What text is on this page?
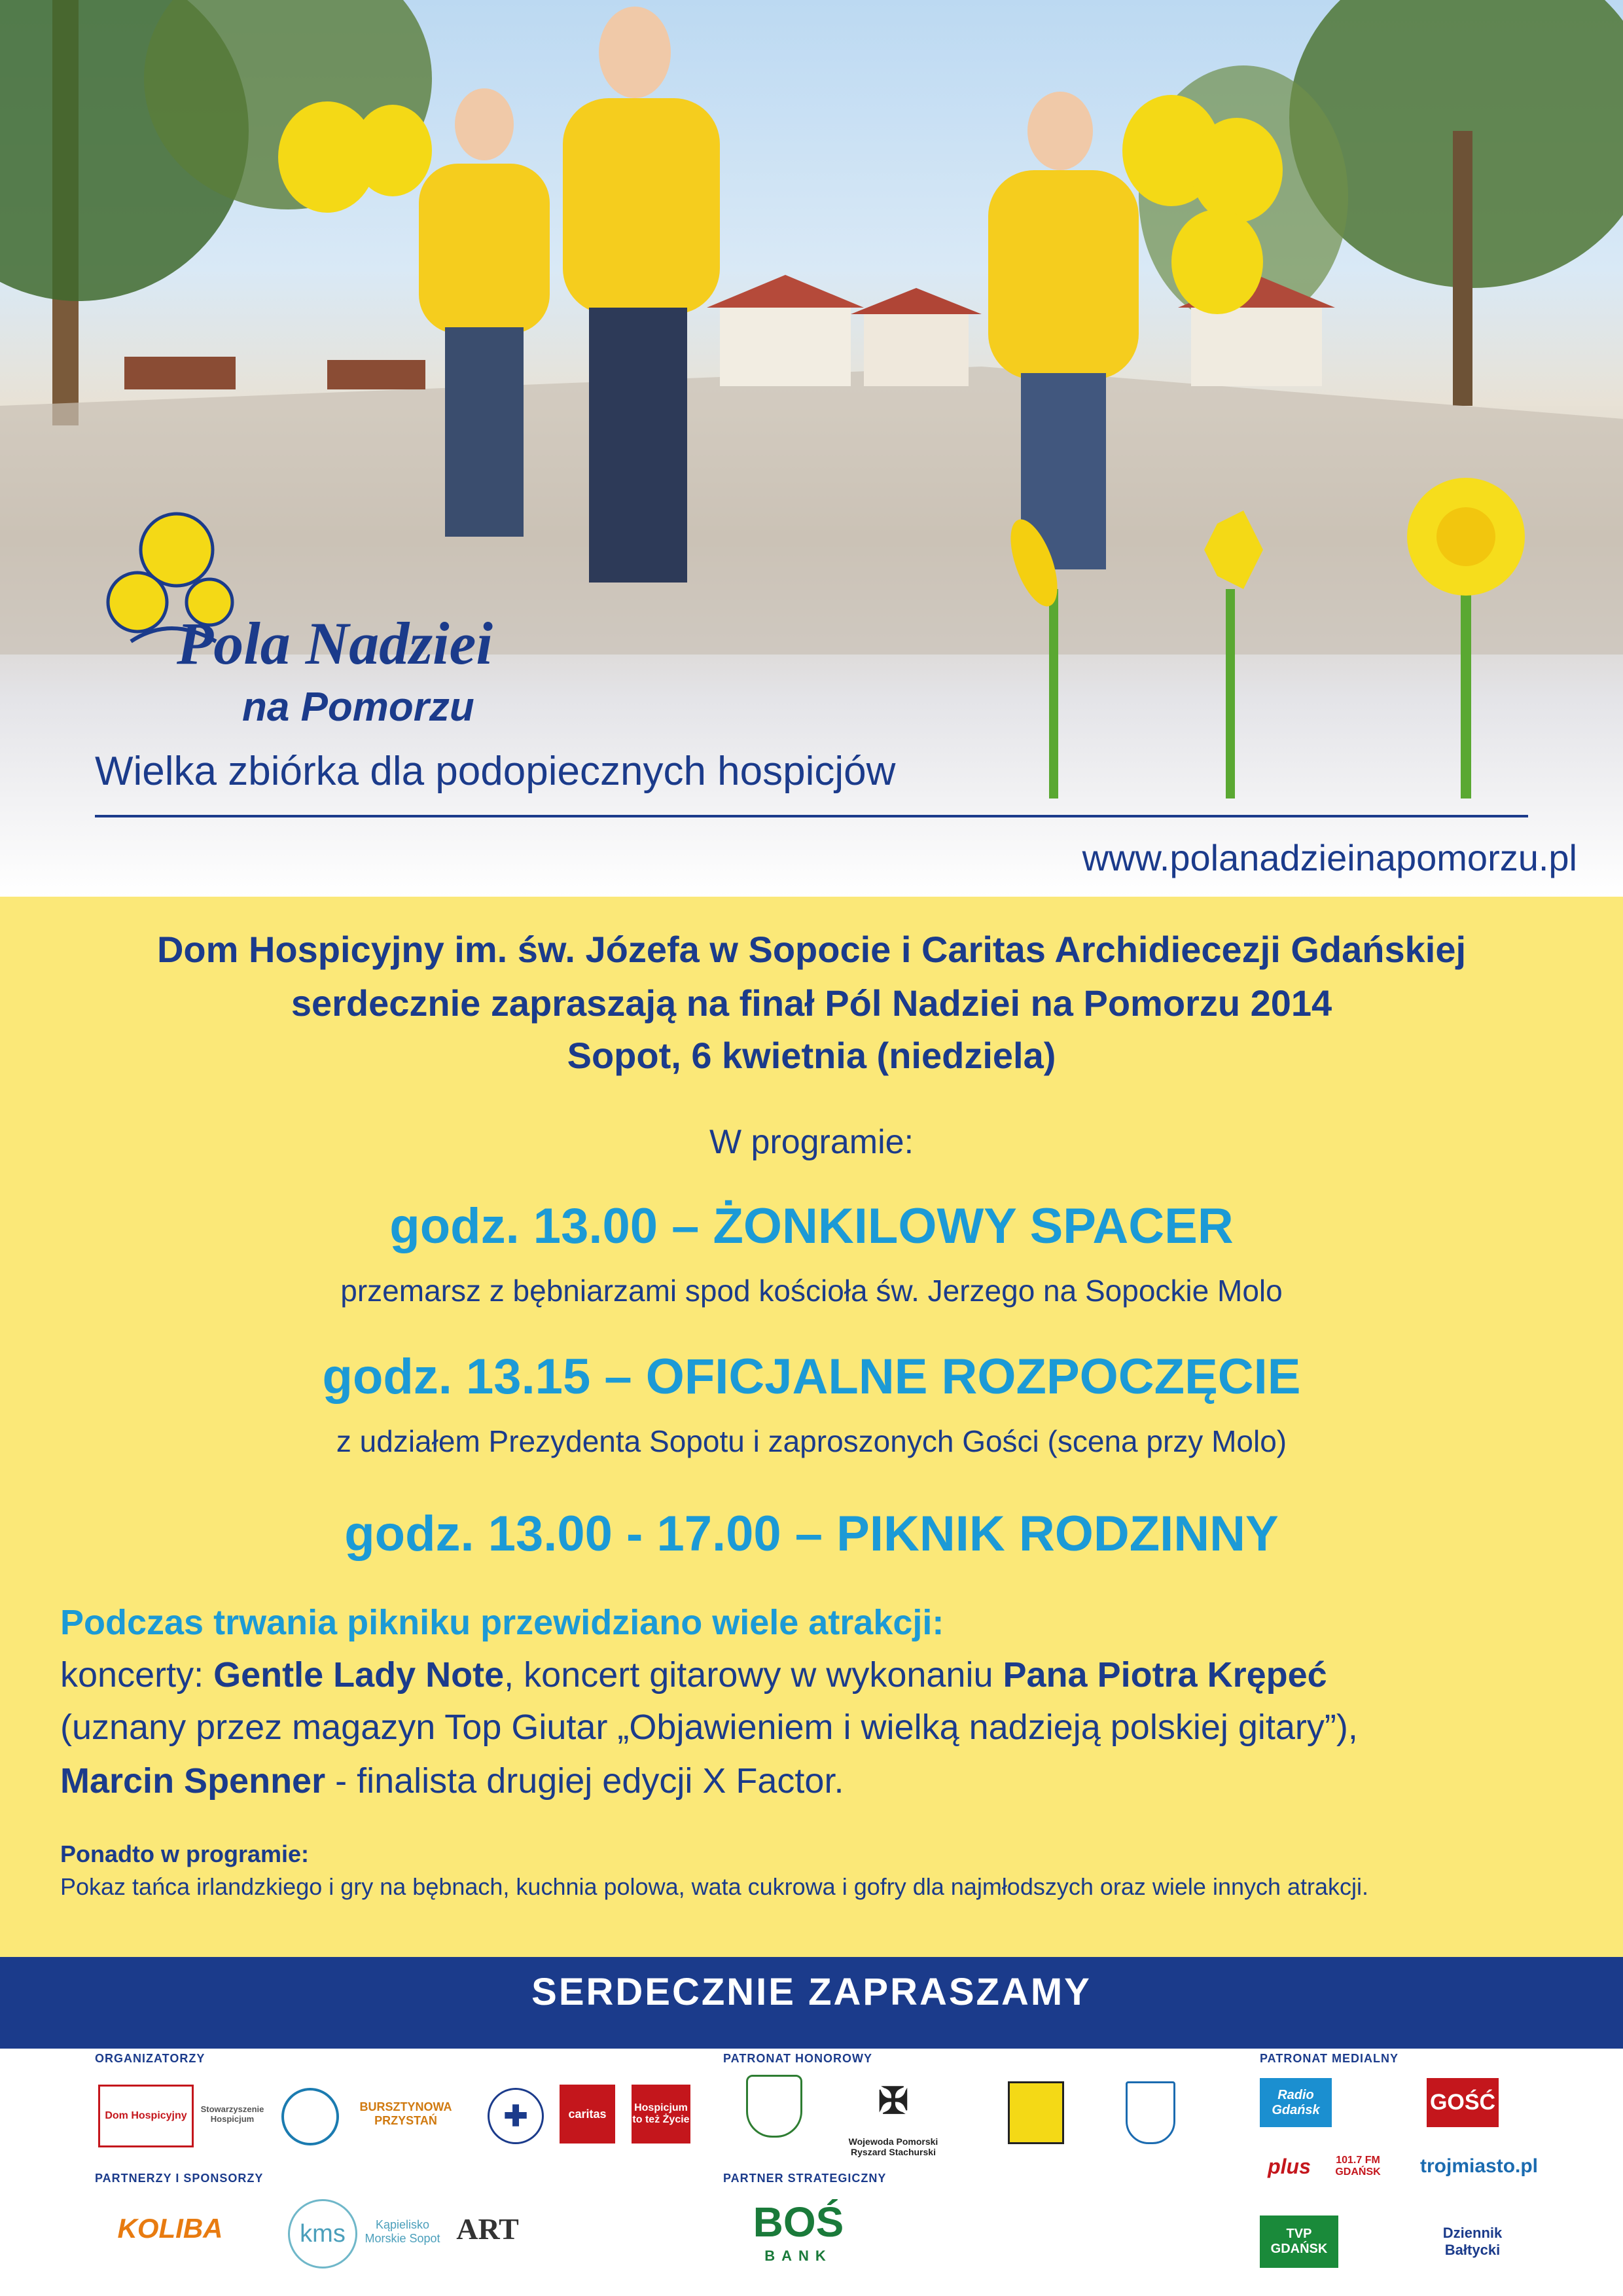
Pola Nadziei
na Pomorzu
Wielka zbiórka dla podopiecznych hospicjów
www.polanadzieinapomorzu.pl
Dom Hospicyjny im. św. Józefa w Sopocie i Caritas Archidiecezji Gdańskiej
serdecznie zapraszają na finał Pól Nadziei na Pomorzu 2014
Sopot, 6 kwietnia (niedziela)
W programie:
godz. 13.00 – ŻONKILOWY SPACER
przemarsz z bębniarzami spod kościoła św. Jerzego na Sopockie Molo
godz. 13.15 – OFICJALNE ROZPOCZĘCIE
z udziałem Prezydenta Sopotu i zaproszonych Gości (scena przy Molo)
godz. 13.00 - 17.00 – PIKNIK RODZINNY
Podczas trwania pikniku przewidziano wiele atrakcji:
koncerty: Gentle Lady Note, koncert gitarowy w wykonaniu Pana Piotra Krępeć
(uznany przez magazyn Top Giutar „Objawieniem i wielką nadzieją polskiej gitary”),
Marcin Spenner - finalista drugiej edycji X Factor.
Ponadto w programie:
Pokaz tańca irlandzkiego i gry na bębnach, kuchnia polowa, wata cukrowa i gofry dla najmłodszych oraz wiele innych atrakcji.
SERDECZNIE ZAPRASZAMY
ORGANIZATORZY
PARTNERZY I SPONSORZY
PATRONAT HONOROWY
PARTNER STRATEGICZNY
PATRONAT MEDIALNY
Dom Hospicyjny
Stowarzyszenie Hospicjum
BURSZTYNOWA PRZYSTAŃ	✚	caritas	Hospicjum to też Życie
KOLIBA	kms	Kąpielisko Morskie Sopot ART
✠
Wojewoda Pomorski Ryszard Stachurski
BOŚ
BANK
Radio Gdańsk	GOŚĆ
plus	101.7 FM GDAŃSK	trojmiasto.pl
TVP GDAŃSK
Dziennik Bałtycki
